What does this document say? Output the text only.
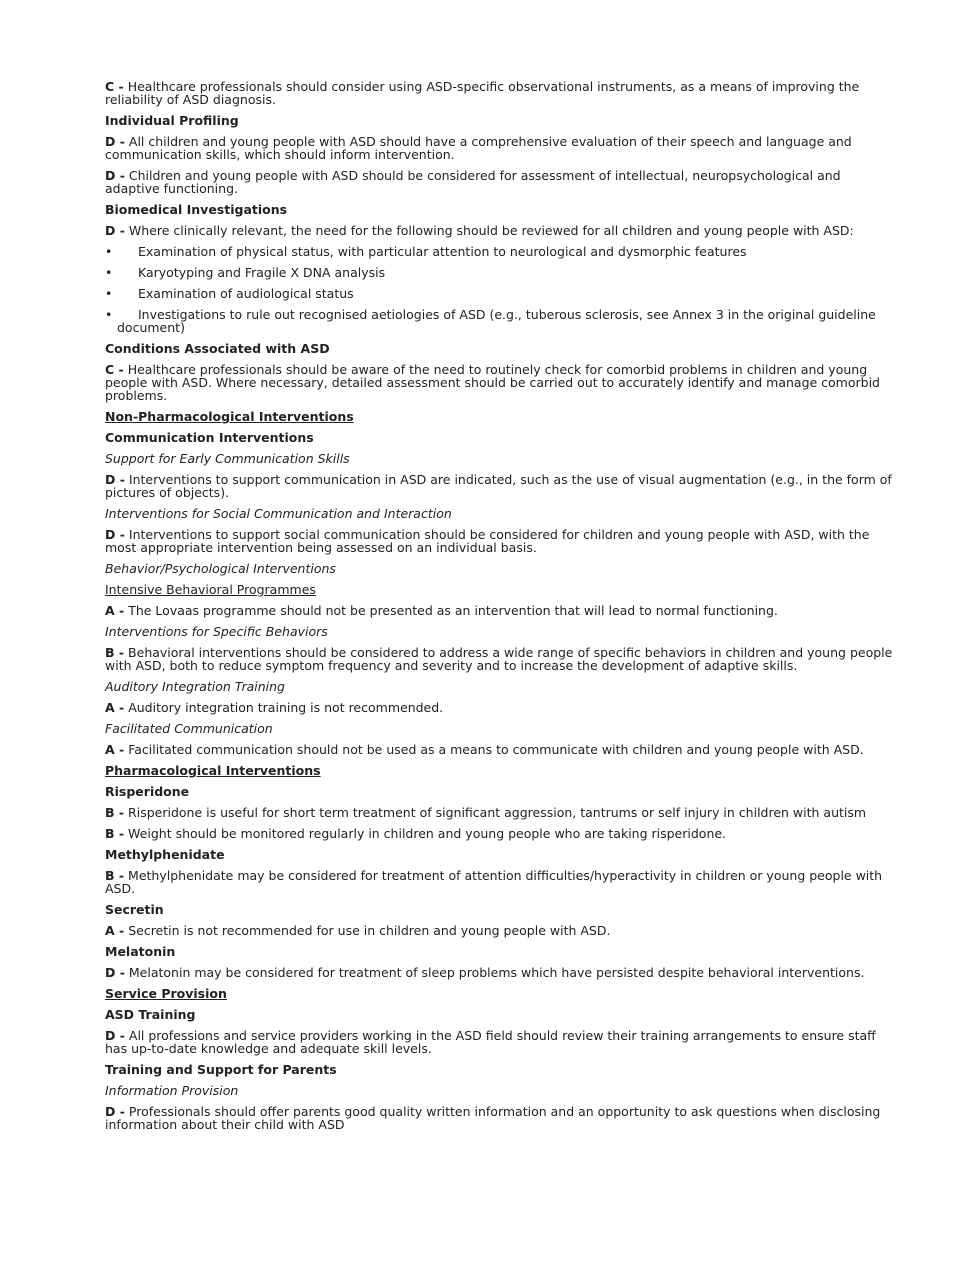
C - Healthcare professionals should consider using ASD-specific observational instruments, as a means of improving the reliability of ASD diagnosis.
Individual Profiling
D - All children and young people with ASD should have a comprehensive evaluation of their speech and language and communication skills, which should inform intervention.
D - Children and young people with ASD should be considered for assessment of intellectual, neuropsychological and adaptive functioning.
Biomedical Investigations
D - Where clinically relevant, the need for the following should be reviewed for all children and young people with ASD:
• Examination of physical status, with particular attention to neurological and dysmorphic features
• Karyotyping and Fragile X DNA analysis
• Examination of audiological status
• Investigations to rule out recognised aetiologies of ASD (e.g., tuberous sclerosis, see Annex 3 in the original guideline document)
Conditions Associated with ASD
C - Healthcare professionals should be aware of the need to routinely check for comorbid problems in children and young people with ASD. Where necessary, detailed assessment should be carried out to accurately identify and manage comorbid problems.
Non-Pharmacological Interventions
Communication Interventions
Support for Early Communication Skills
D - Interventions to support communication in ASD are indicated, such as the use of visual augmentation (e.g., in the form of pictures of objects).
Interventions for Social Communication and Interaction
D - Interventions to support social communication should be considered for children and young people with ASD, with the most appropriate intervention being assessed on an individual basis.
Behavior/Psychological Interventions
Intensive Behavioral Programmes
A - The Lovaas programme should not be presented as an intervention that will lead to normal functioning.
Interventions for Specific Behaviors
B - Behavioral interventions should be considered to address a wide range of specific behaviors in children and young people with ASD, both to reduce symptom frequency and severity and to increase the development of adaptive skills.
Auditory Integration Training
A - Auditory integration training is not recommended.
Facilitated Communication
A - Facilitated communication should not be used as a means to communicate with children and young people with ASD.
Pharmacological Interventions
Risperidone
B - Risperidone is useful for short term treatment of significant aggression, tantrums or self injury in children with autism
B - Weight should be monitored regularly in children and young people who are taking risperidone.
Methylphenidate
B - Methylphenidate may be considered for treatment of attention difficulties/hyperactivity in children or young people with ASD.
Secretin
A - Secretin is not recommended for use in children and young people with ASD.
Melatonin
D - Melatonin may be considered for treatment of sleep problems which have persisted despite behavioral interventions.
Service Provision
ASD Training
D - All professions and service providers working in the ASD field should review their training arrangements to ensure staff has up-to-date knowledge and adequate skill levels.
Training and Support for Parents
Information Provision
D - Professionals should offer parents good quality written information and an opportunity to ask questions when disclosing information about their child with ASD
